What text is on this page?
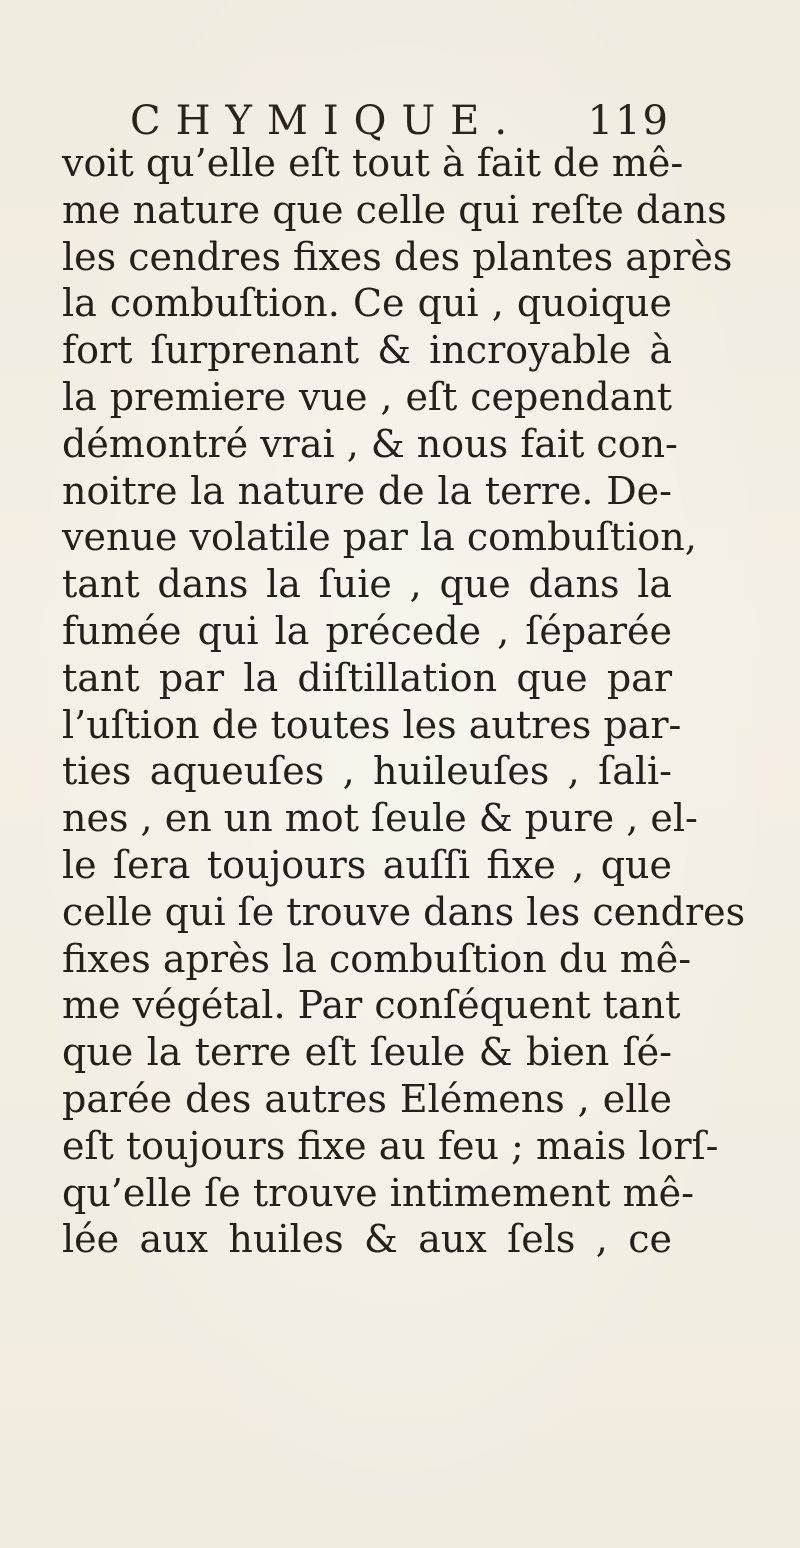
CHYMIQUE. 119
voit qu’elle eſt tout à fait de mê-
me nature que celle qui reſte dans
les cendres fixes des plantes après
la combuſtion. Ce qui , quoique
fort ſurprenant & incroyable à
la premiere vue , eſt cependant
démontré vrai , & nous fait con-
noitre la nature de la terre. De-
venue volatile par la combuſtion,
tant dans la ſuie , que dans la
fumée qui la précede , ſéparée
tant par la diſtillation que par
l’uſtion de toutes les autres par-
ties aqueuſes , huileuſes , ſali-
nes , en un mot ſeule & pure , el-
le ſera toujours auſſi fixe , que
celle qui ſe trouve dans les cendres
fixes après la combuſtion du mê-
me végétal. Par conſéquent tant
que la terre eſt ſeule & bien ſé-
parée des autres Elémens , elle
eſt toujours fixe au feu ; mais lorſ-
qu’elle ſe trouve intimement mê-
lée aux huiles & aux ſels , ce
